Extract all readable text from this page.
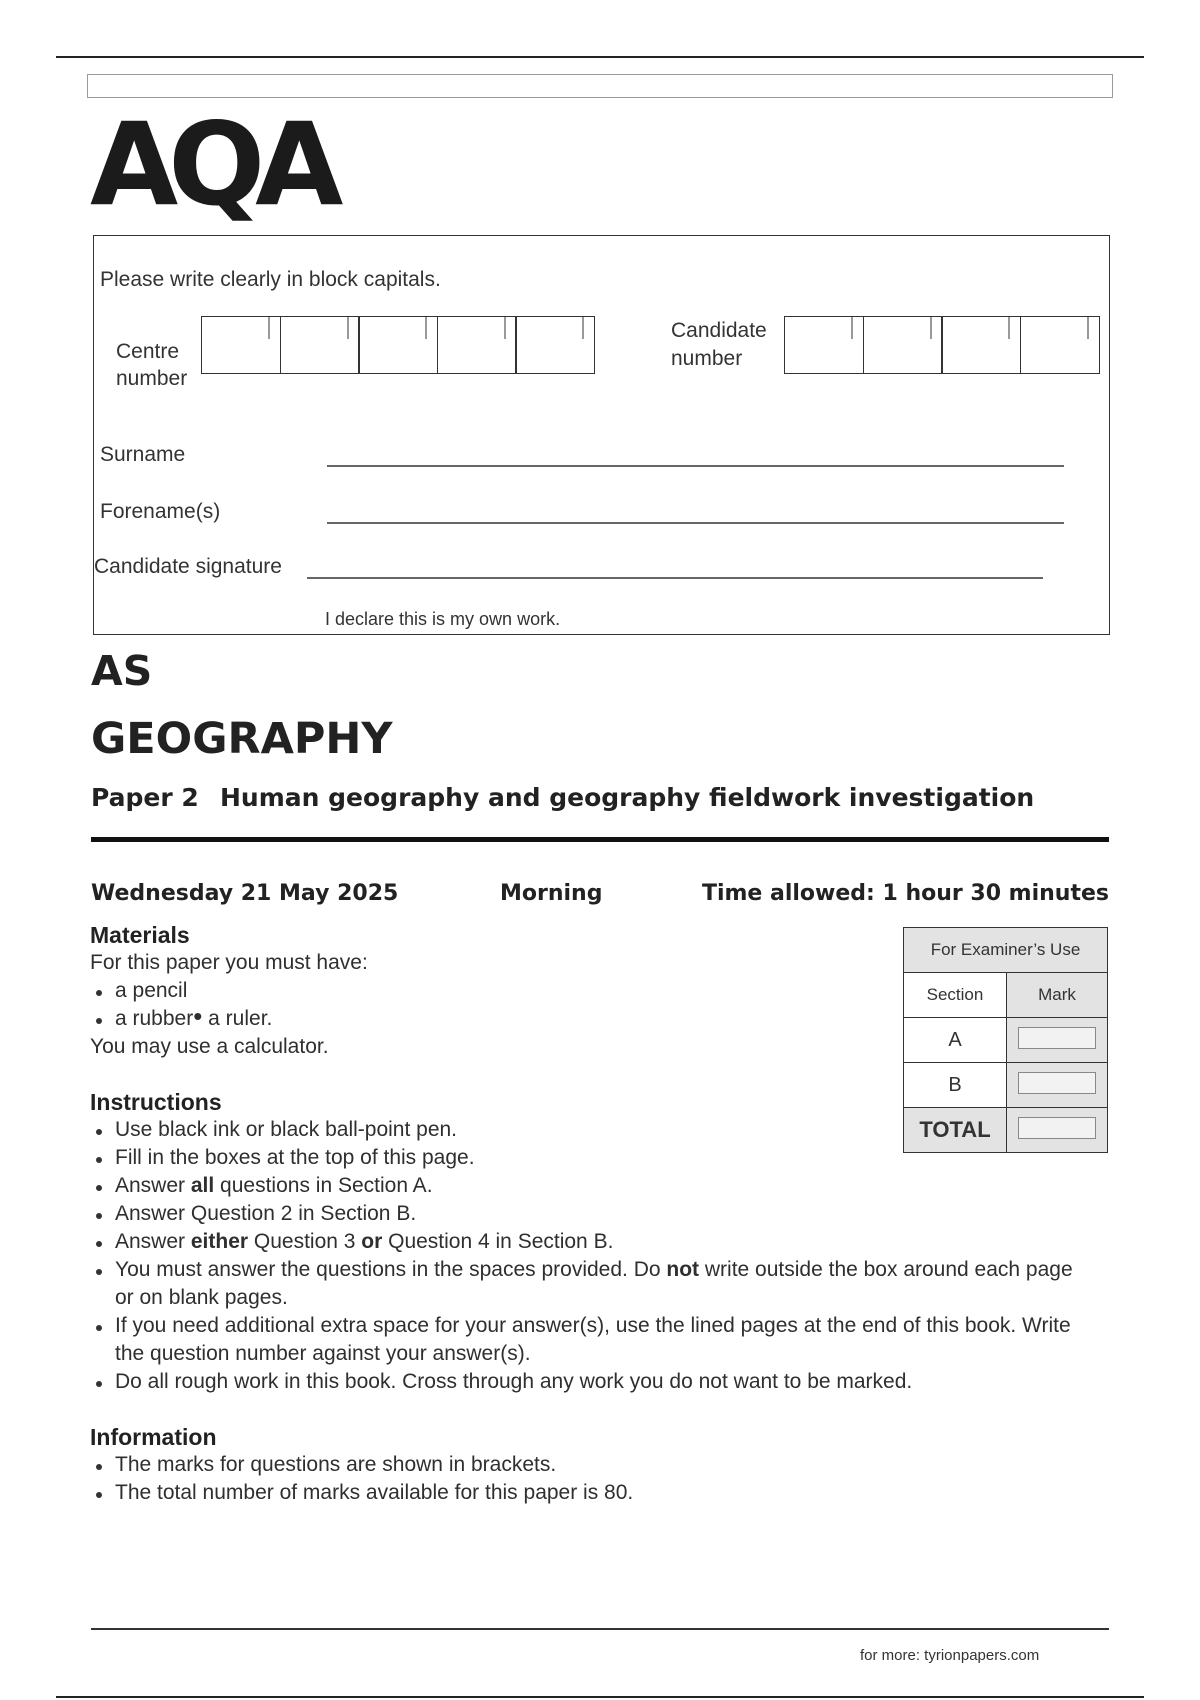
AQA
Please write clearly in block capitals.
Centre
number
Candidate
number
Surname
Forename(s)
Candidate signature
I declare this is my own work.
AS
GEOGRAPHY
Paper 2 Human geography and geography fieldwork investigation
Wednesday 21 May 2025	Morning	Time allowed: 1 hour 30 minutes
For Examiner’s Use	
Section	Mark
A	
B	
TOTAL	
Materials
For this paper you must have:
a pencil
a rubber• a ruler.
You may use a calculator.
Instructions
Use black ink or black ball-point pen.
Fill in the boxes at the top of this page.
Answer all questions in Section A.
Answer Question 2 in Section B.
Answer either Question 3 or Question 4 in Section B.
You must answer the questions in the spaces provided. Do not write outside the box around each page or on blank pages.
If you need additional extra space for your answer(s), use the lined pages at the end of this book. Write the question number against your answer(s).
Do all rough work in this book. Cross through any work you do not want to be marked.
Information
The marks for questions are shown in brackets.
The total number of marks available for this paper is 80.
for more: tyrionpapers.com
